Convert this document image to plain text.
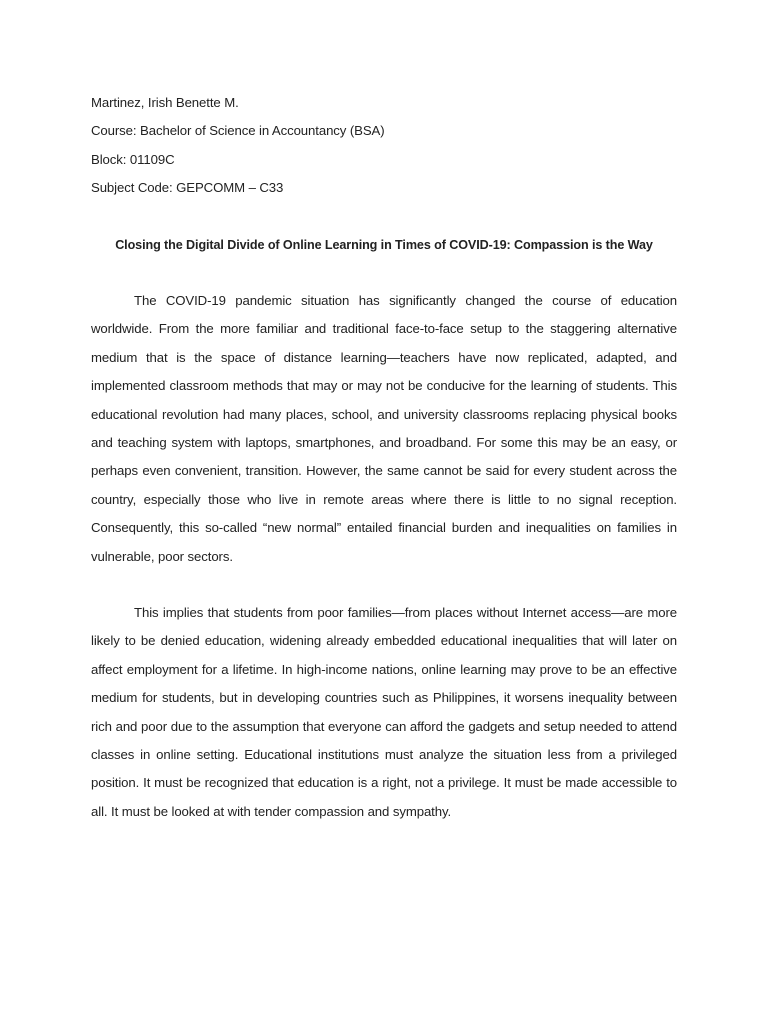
Martinez, Irish Benette M.
Course: Bachelor of Science in Accountancy (BSA)
Block: 01109C
Subject Code: GEPCOMM – C33
Closing the Digital Divide of Online Learning in Times of COVID-19: Compassion is the Way

The COVID-19 pandemic situation has significantly changed the course of education worldwide. From the more familiar and traditional face-to-face setup to the staggering alternative medium that is the space of distance learning—teachers have now replicated, adapted, and implemented classroom methods that may or may not be conducive for the learning of students. This educational revolution had many places, school, and university classrooms replacing physical books and teaching system with laptops, smartphones, and broadband. For some this may be an easy, or perhaps even convenient, transition. However, the same cannot be said for every student across the country, especially those who live in remote areas where there is little to no signal reception. Consequently, this so-called “new normal” entailed financial burden and inequalities on families in vulnerable, poor sectors.

This implies that students from poor families—from places without Internet access—are more likely to be denied education, widening already embedded educational inequalities that will later on affect employment for a lifetime. In high-income nations, online learning may prove to be an effective medium for students, but in developing countries such as Philippines, it worsens inequality between rich and poor due to the assumption that everyone can afford the gadgets and setup needed to attend classes in online setting. Educational institutions must analyze the situation less from a privileged position. It must be recognized that education is a right, not a privilege. It must be made accessible to all. It must be looked at with tender compassion and sympathy.
